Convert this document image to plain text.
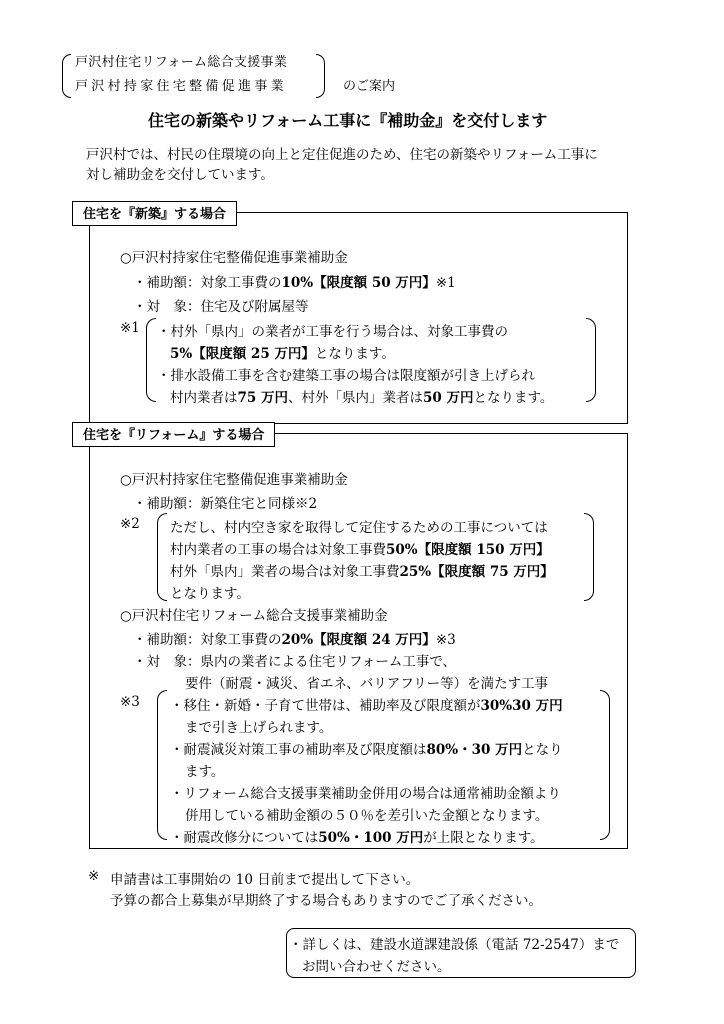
戸沢村住宅リフォーム総合支援事業
戸沢村持家住宅整備促進事業	のご案内
住宅の新築やリフォーム工事に『補助金』を交付します
戸沢村では、村民の住環境の向上と定住促進のため、住宅の新築やリフォーム工事に
対し補助金を交付しています。
住宅を『新築』する場合
○戸沢村持家住宅整備促進事業補助金
・補助額：対象工事費の10%【限度額 50 万円】※1
・対　象：住宅及び附属屋等
※1 ・村外「県内」の業者が工事を行う場合は、対象工事費の
5%【限度額 25 万円】となります。
・排水設備工事を含む建築工事の場合は限度額が引き上げられ
村内業者は75 万円、村外「県内」業者は50 万円となります。
住宅を『リフォーム』する場合
○戸沢村持家住宅整備促進事業補助金
・補助額：新築住宅と同様※2
※2 ただし、村内空き家を取得して定住するための工事については
村内業者の工事の場合は対象工事費50%【限度額 150 万円】
村外「県内」業者の場合は対象工事費25%【限度額 75 万円】
となります。
○戸沢村住宅リフォーム総合支援事業補助金
・補助額：対象工事費の20%【限度額 24 万円】※3
・対　象：県内の業者による住宅リフォーム工事で、
要件（耐震・減災、省エネ、バリアフリー等）を満たす工事
※3 ・移住・新婚・子育て世帯は、補助率及び限度額が30%30 万円
まで引き上げられます。
・耐震減災対策工事の補助率及び限度額は80%・30 万円となり
ます。
・リフォーム総合支援事業補助金併用の場合は通常補助金額より
併用している補助金額の５０％を差引いた金額となります。
・耐震改修分については50%・100 万円が上限となります。
※ 申請書は工事開始の 10 日前まで提出して下さい。
予算の都合上募集が早期終了する場合もありますのでご了承ください。
・詳しくは、建設水道課建設係（電話 72-2547）まで
お問い合わせください。
